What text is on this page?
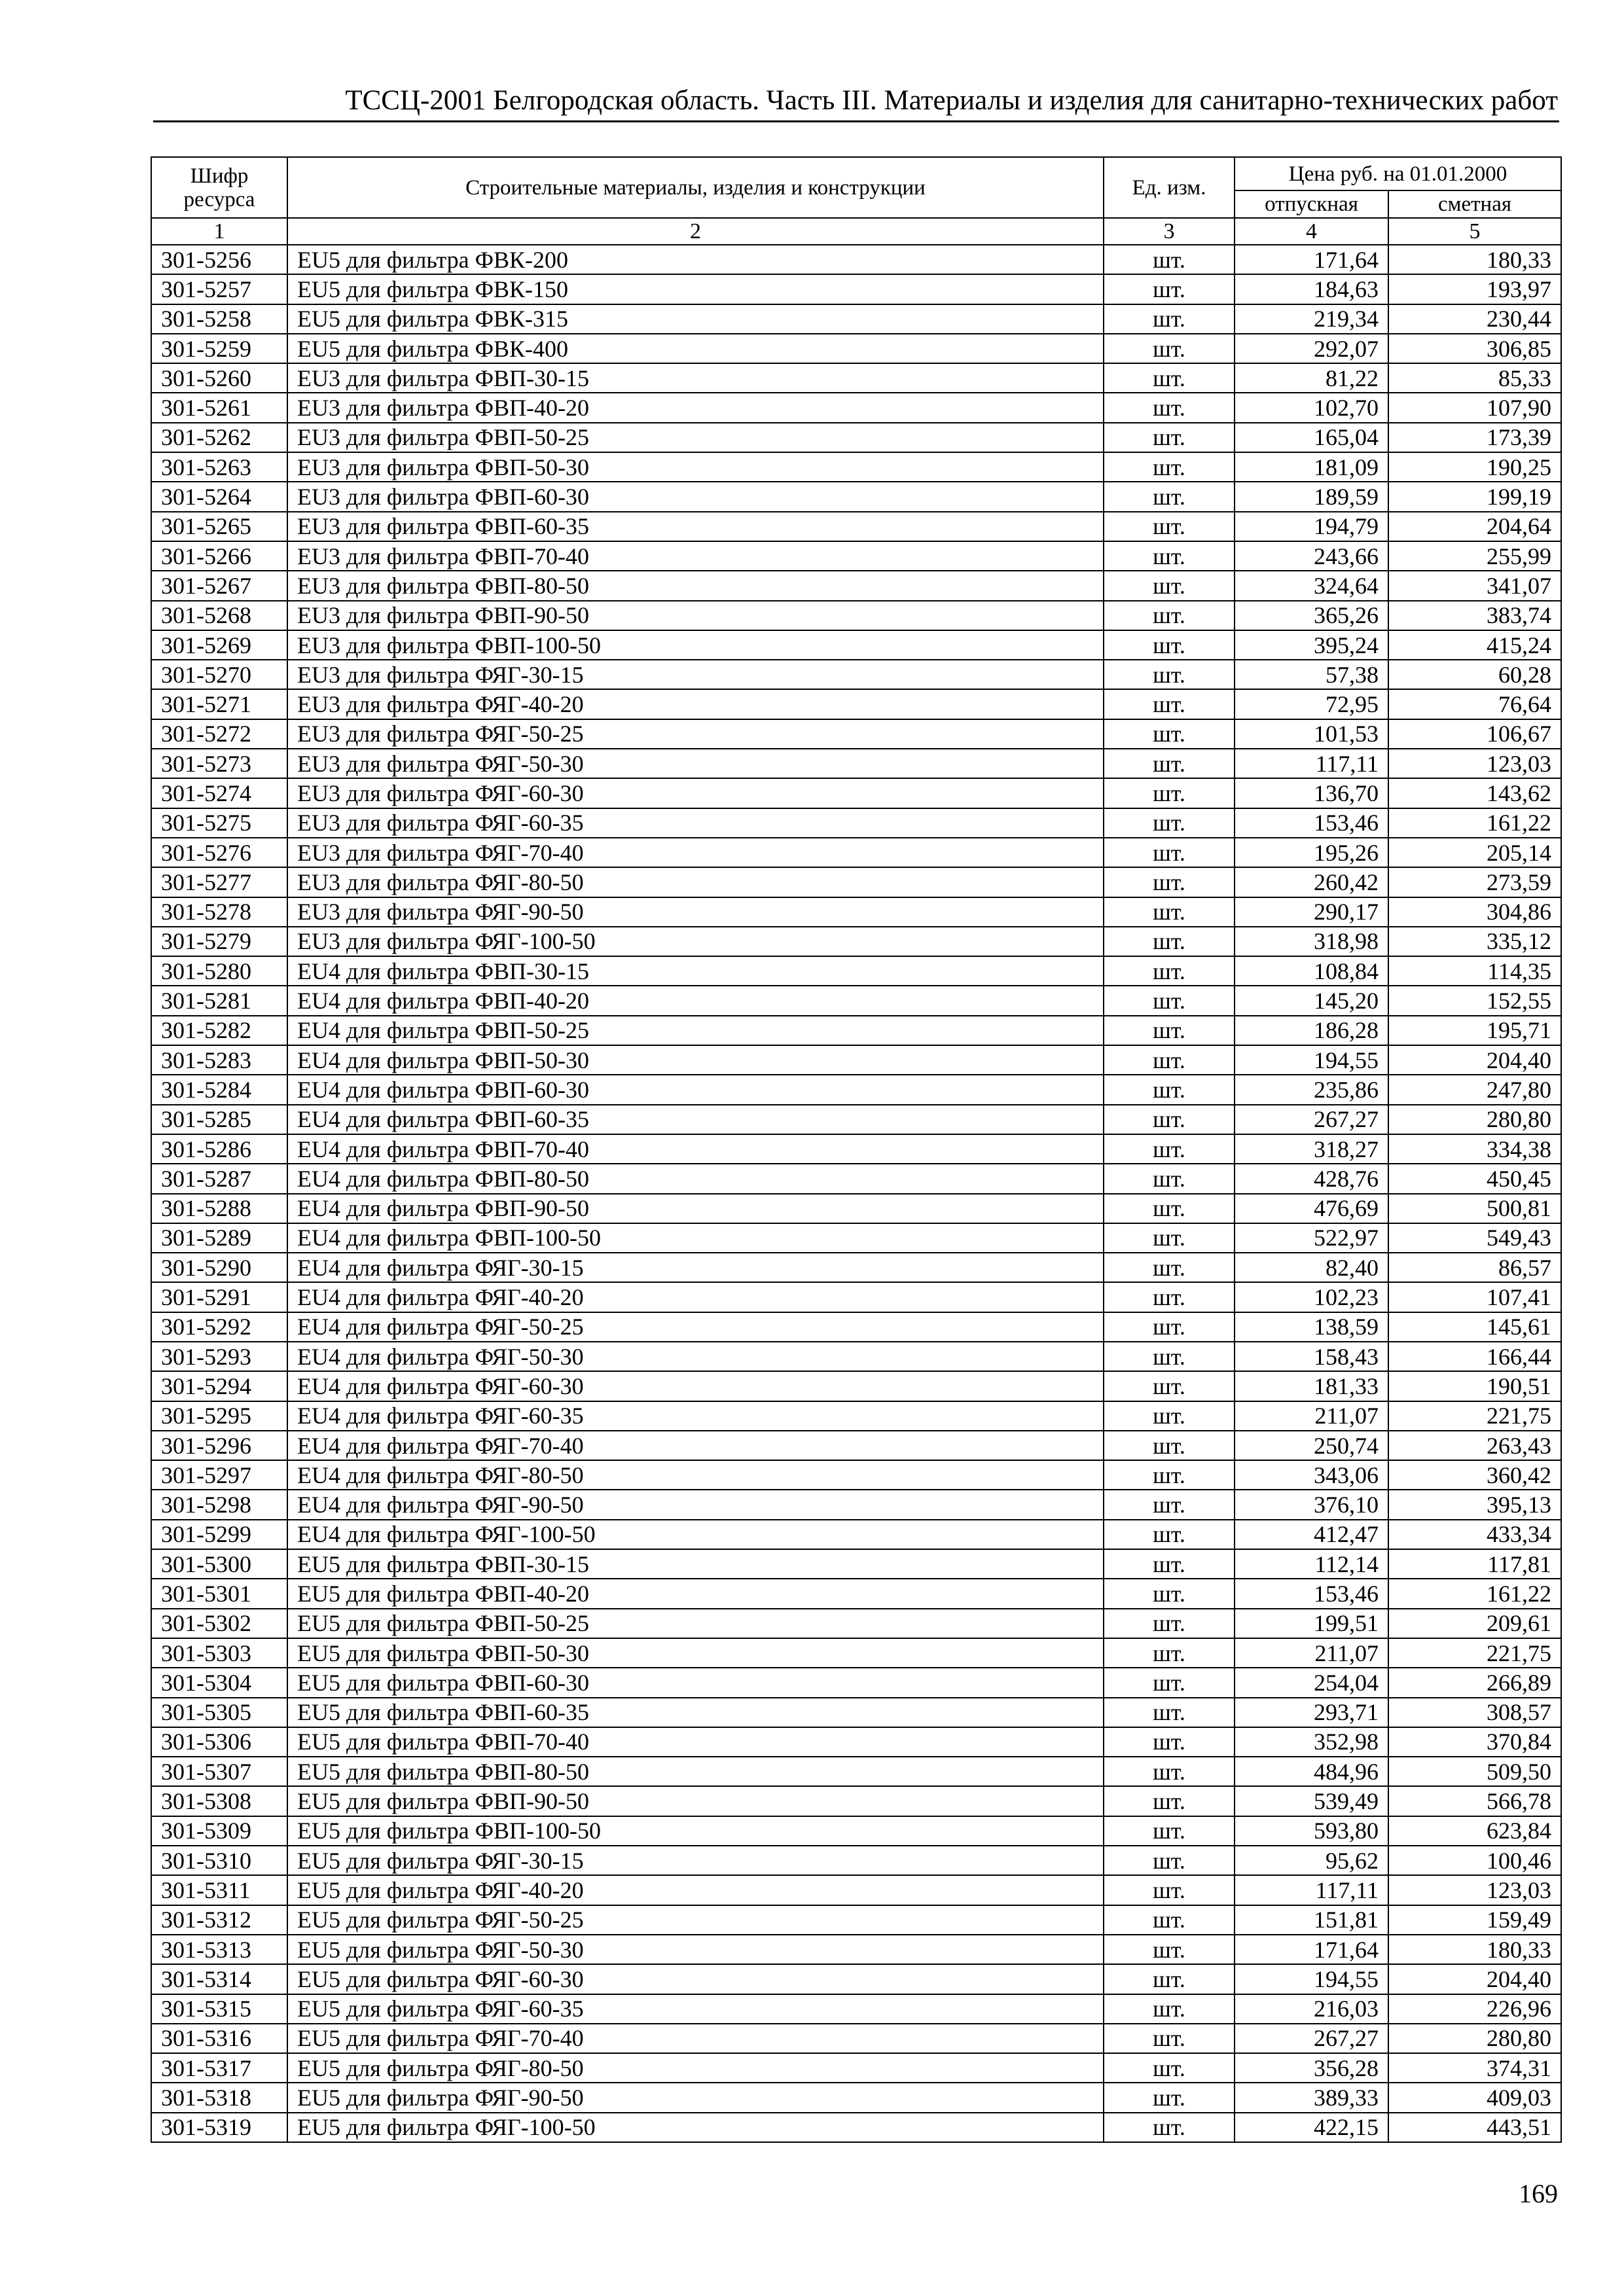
ТССЦ-2001 Белгородская область. Часть III. Материалы и изделия для санитарно-технических работ
Шифр ресурса	Строительные материалы, изделия и конструкции	Ед. изм.	Цена руб. на 01.01.2000	
			отпускная	сметная
1	2	3	4	5
301-5256	EU5 для фильтра ФВК-200	шт.	171,64	180,33
301-5257	EU5 для фильтра ФВК-150	шт.	184,63	193,97
301-5258	EU5 для фильтра ФВК-315	шт.	219,34	230,44
301-5259	EU5 для фильтра ФВК-400	шт.	292,07	306,85
301-5260	EU3 для фильтра ФВП-30-15	шт.	81,22	85,33
301-5261	EU3 для фильтра ФВП-40-20	шт.	102,70	107,90
301-5262	EU3 для фильтра ФВП-50-25	шт.	165,04	173,39
301-5263	EU3 для фильтра ФВП-50-30	шт.	181,09	190,25
301-5264	EU3 для фильтра ФВП-60-30	шт.	189,59	199,19
301-5265	EU3 для фильтра ФВП-60-35	шт.	194,79	204,64
301-5266	EU3 для фильтра ФВП-70-40	шт.	243,66	255,99
301-5267	EU3 для фильтра ФВП-80-50	шт.	324,64	341,07
301-5268	EU3 для фильтра ФВП-90-50	шт.	365,26	383,74
301-5269	EU3 для фильтра ФВП-100-50	шт.	395,24	415,24
301-5270	EU3 для фильтра ФЯГ-30-15	шт.	57,38	60,28
301-5271	EU3 для фильтра ФЯГ-40-20	шт.	72,95	76,64
301-5272	EU3 для фильтра ФЯГ-50-25	шт.	101,53	106,67
301-5273	EU3 для фильтра ФЯГ-50-30	шт.	117,11	123,03
301-5274	EU3 для фильтра ФЯГ-60-30	шт.	136,70	143,62
301-5275	EU3 для фильтра ФЯГ-60-35	шт.	153,46	161,22
301-5276	EU3 для фильтра ФЯГ-70-40	шт.	195,26	205,14
301-5277	EU3 для фильтра ФЯГ-80-50	шт.	260,42	273,59
301-5278	EU3 для фильтра ФЯГ-90-50	шт.	290,17	304,86
301-5279	EU3 для фильтра ФЯГ-100-50	шт.	318,98	335,12
301-5280	EU4 для фильтра ФВП-30-15	шт.	108,84	114,35
301-5281	EU4 для фильтра ФВП-40-20	шт.	145,20	152,55
301-5282	EU4 для фильтра ФВП-50-25	шт.	186,28	195,71
301-5283	EU4 для фильтра ФВП-50-30	шт.	194,55	204,40
301-5284	EU4 для фильтра ФВП-60-30	шт.	235,86	247,80
301-5285	EU4 для фильтра ФВП-60-35	шт.	267,27	280,80
301-5286	EU4 для фильтра ФВП-70-40	шт.	318,27	334,38
301-5287	EU4 для фильтра ФВП-80-50	шт.	428,76	450,45
301-5288	EU4 для фильтра ФВП-90-50	шт.	476,69	500,81
301-5289	EU4 для фильтра ФВП-100-50	шт.	522,97	549,43
301-5290	EU4 для фильтра ФЯГ-30-15	шт.	82,40	86,57
301-5291	EU4 для фильтра ФЯГ-40-20	шт.	102,23	107,41
301-5292	EU4 для фильтра ФЯГ-50-25	шт.	138,59	145,61
301-5293	EU4 для фильтра ФЯГ-50-30	шт.	158,43	166,44
301-5294	EU4 для фильтра ФЯГ-60-30	шт.	181,33	190,51
301-5295	EU4 для фильтра ФЯГ-60-35	шт.	211,07	221,75
301-5296	EU4 для фильтра ФЯГ-70-40	шт.	250,74	263,43
301-5297	EU4 для фильтра ФЯГ-80-50	шт.	343,06	360,42
301-5298	EU4 для фильтра ФЯГ-90-50	шт.	376,10	395,13
301-5299	EU4 для фильтра ФЯГ-100-50	шт.	412,47	433,34
301-5300	EU5 для фильтра ФВП-30-15	шт.	112,14	117,81
301-5301	EU5 для фильтра ФВП-40-20	шт.	153,46	161,22
301-5302	EU5 для фильтра ФВП-50-25	шт.	199,51	209,61
301-5303	EU5 для фильтра ФВП-50-30	шт.	211,07	221,75
301-5304	EU5 для фильтра ФВП-60-30	шт.	254,04	266,89
301-5305	EU5 для фильтра ФВП-60-35	шт.	293,71	308,57
301-5306	EU5 для фильтра ФВП-70-40	шт.	352,98	370,84
301-5307	EU5 для фильтра ФВП-80-50	шт.	484,96	509,50
301-5308	EU5 для фильтра ФВП-90-50	шт.	539,49	566,78
301-5309	EU5 для фильтра ФВП-100-50	шт.	593,80	623,84
301-5310	EU5 для фильтра ФЯГ-30-15	шт.	95,62	100,46
301-5311	EU5 для фильтра ФЯГ-40-20	шт.	117,11	123,03
301-5312	EU5 для фильтра ФЯГ-50-25	шт.	151,81	159,49
301-5313	EU5 для фильтра ФЯГ-50-30	шт.	171,64	180,33
301-5314	EU5 для фильтра ФЯГ-60-30	шт.	194,55	204,40
301-5315	EU5 для фильтра ФЯГ-60-35	шт.	216,03	226,96
301-5316	EU5 для фильтра ФЯГ-70-40	шт.	267,27	280,80
301-5317	EU5 для фильтра ФЯГ-80-50	шт.	356,28	374,31
301-5318	EU5 для фильтра ФЯГ-90-50	шт.	389,33	409,03
301-5319	EU5 для фильтра ФЯГ-100-50	шт.	422,15	443,51
169
